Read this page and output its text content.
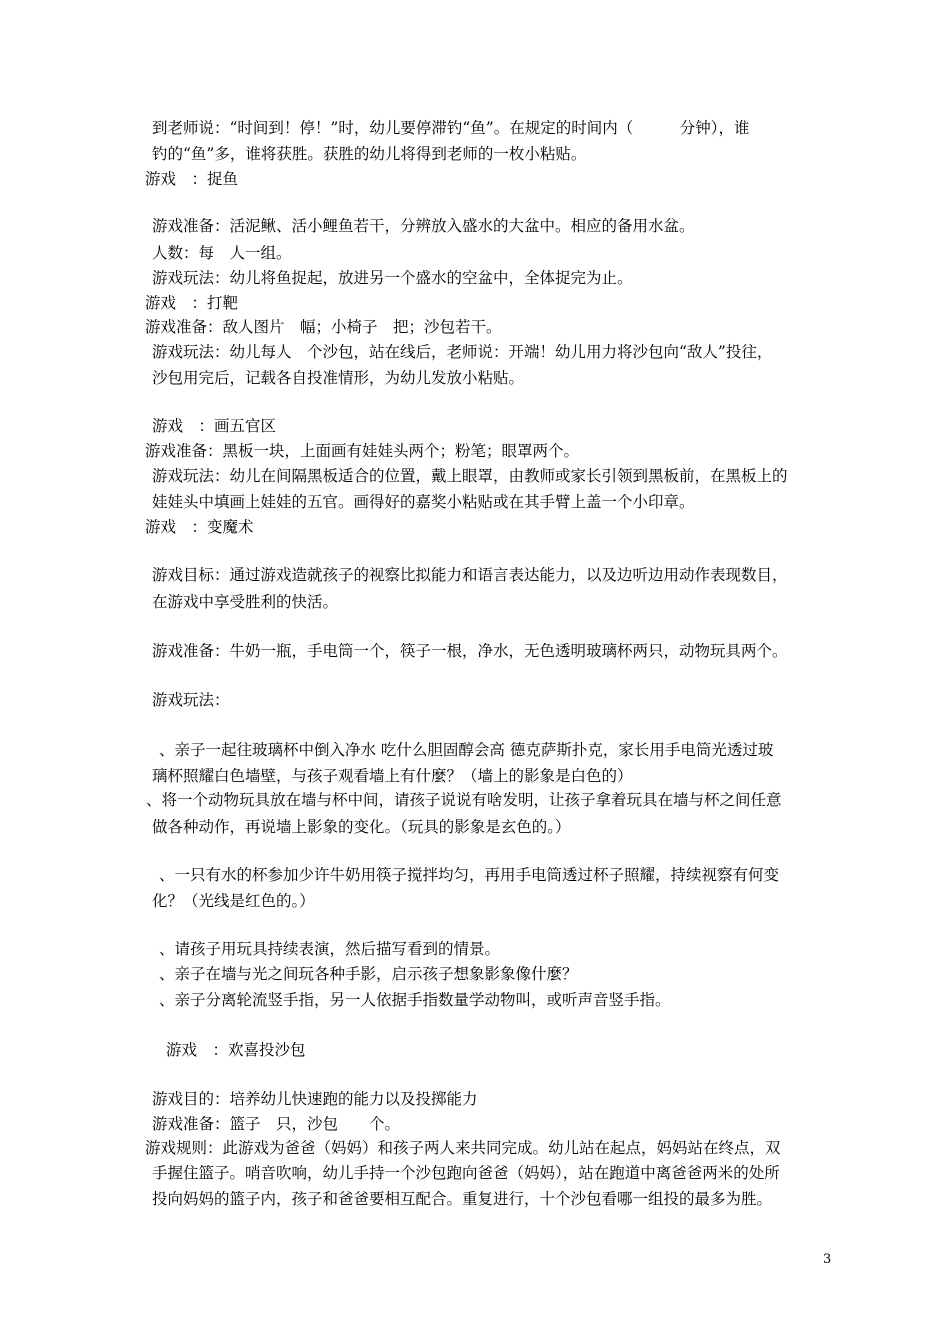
到老师说：“时间到！停！”时，幼儿要停滞钓“鱼”。在规定的时间内（　　　分钟），谁
钓的“鱼”多，谁将获胜。获胜的幼儿将得到老师的一枚小粘贴。
游戏　：捉鱼
游戏准备：活泥鳅、活小鲤鱼若干，分辨放入盛水的大盆中。相应的备用水盆。
人数：每　人一组。
游戏玩法：幼儿将鱼捉起，放进另一个盛水的空盆中，全体捉完为止。
游戏　：打靶
游戏准备：敌人图片　幅；小椅子　把；沙包若干。
游戏玩法：幼儿每人　个沙包，站在线后，老师说：开端！幼儿用力将沙包向“敌人”投往，
沙包用完后，记载各自投准情形，为幼儿发放小粘贴。
游戏　：画五官区
游戏准备：黑板一块，上面画有娃娃头两个；粉笔；眼罩两个。
游戏玩法：幼儿在间隔黑板适合的位置，戴上眼罩，由教师或家长引领到黑板前，在黑板上的
娃娃头中填画上娃娃的五官。画得好的嘉奖小粘贴或在其手臂上盖一个小印章。
游戏　：变魔术
游戏目标：通过游戏造就孩子的视察比拟能力和语言表达能力，以及边听边用动作表现数目，
在游戏中享受胜利的快活。
游戏准备：牛奶一瓶，手电筒一个，筷子一根，净水，无色透明玻璃杯两只，动物玩具两个。
游戏玩法：
、亲子一起往玻璃杯中倒入净水 吃什么胆固醇会高 德克萨斯扑克，家长用手电筒光透过玻
璃杯照耀白色墙壁，与孩子观看墙上有什麼？（墙上的影象是白色的）
、将一个动物玩具放在墙与杯中间，请孩子说说有啥发明，让孩子拿着玩具在墙与杯之间任意
做各种动作，再说墙上影象的变化。（玩具的影象是玄色的。）
、一只有水的杯参加少许牛奶用筷子搅拌均匀，再用手电筒透过杯子照耀，持续视察有何变
化？（光线是红色的。）
、请孩子用玩具持续表演，然后描写看到的情景。
、亲子在墙与光之间玩各种手影，启示孩子想象影象像什麼？
、亲子分离轮流竖手指，另一人依据手指数量学动物叫，或听声音竖手指。
游戏　：欢喜投沙包
游戏目的：培养幼儿快速跑的能力以及投掷能力
游戏准备：篮子　只，沙包　　个。
游戏规则：此游戏为爸爸（妈妈）和孩子两人来共同完成。幼儿站在起点，妈妈站在终点，双
手握住篮子。哨音吹响，幼儿手持一个沙包跑向爸爸（妈妈），站在跑道中离爸爸两米的处所
投向妈妈的篮子内，孩子和爸爸要相互配合。重复进行，十个沙包看哪一组投的最多为胜。
3
